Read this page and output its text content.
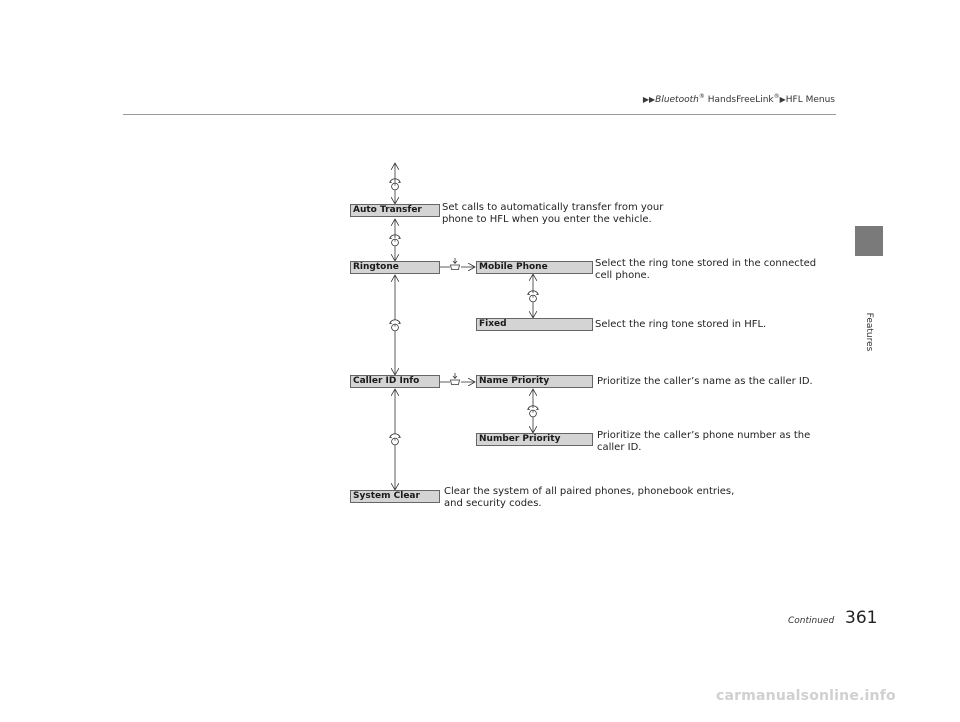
▶▶Bluetooth® HandsFreeLink®▶HFL Menus
Features
Auto Transfer
Ringtone	Mobile Phone
Fixed
Caller ID Info	Name Priority
Number Priority
System Clear
Set calls to automatically transfer from your
phone to HFL when you enter the vehicle.
Select the ring tone stored in the connected
cell phone.
Select the ring tone stored in HFL.
Prioritize the caller’s name as the caller ID.
Prioritize the caller’s phone number as the
caller ID.
Clear the system of all paired phones, phonebook entries,
and security codes.
Continued 361
carmanualsonline.info
